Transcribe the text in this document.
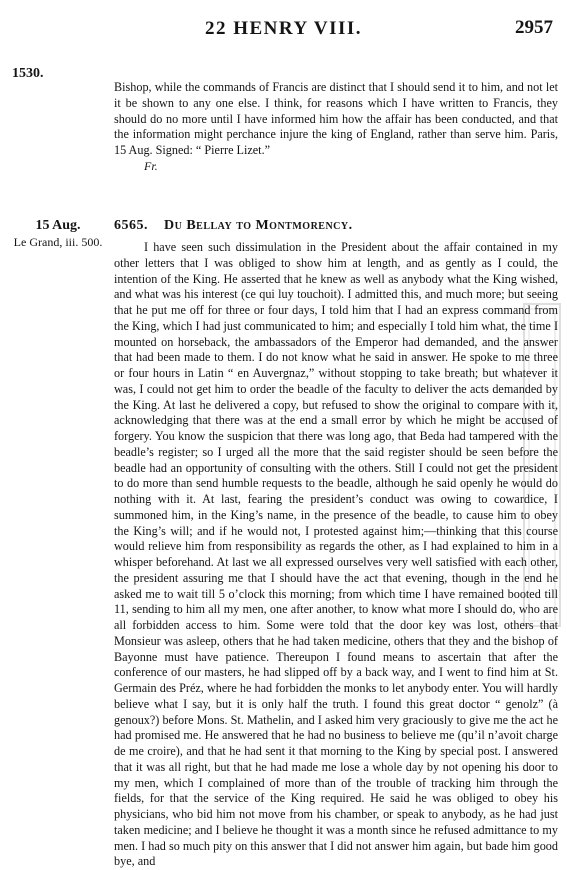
22 HENRY VIII.	2957
1530.

Bishop, while the commands of Francis are distinct that I should send it to him, and not let it be shown to any one else. I think, for reasons which I have written to Francis, they should do no more until I have informed him how the affair has been conducted, and that the information might perchance injure the king of England, rather than serve him. Paris, 15 Aug. Signed: “ Pierre Lizet.”

Fr.
15 Aug.
Le Grand, iii. 500.
6565. Du Bellay to Montmorency.

I have seen such dissimulation in the President about the affair contained in my other letters that I was obliged to show him at length, and as gently as I could, the intention of the King. He asserted that he knew as well as anybody what the King wished, and what was his interest (ce qui luy touchoit). I admitted this, and much more; but seeing that he put me off for three or four days, I told him that I had an express command from the King, which I had just communicated to him; and especially I told him what, the time I mounted on horseback, the ambassadors of the Emperor had demanded, and the answer that had been made to them. I do not know what he said in answer. He spoke to me three or four hours in Latin “ en Auvergnaz,” without stopping to take breath; but whatever it was, I could not get him to order the beadle of the faculty to deliver the acts demanded by the King. At last he delivered a copy, but refused to show the original to compare with it, acknowledging that there was at the end a small error by which he might be accused of forgery. You know the suspicion that there was long ago, that Beda had tampered with the beadle’s register; so I urged all the more that the said register should be seen before the beadle had an opportunity of consulting with the others. Still I could not get the president to do more than send humble requests to the beadle, although he said openly he would do nothing with it. At last, fearing the president’s conduct was owing to cowardice, I summoned him, in the King’s name, in the presence of the beadle, to cause him to obey the King’s will; and if he would not, I protested against him;—thinking that this course would relieve him from responsibility as regards the other, as I had explained to him in a whisper beforehand. At last we all expressed ourselves very well satisfied with each other, the president assuring me that I should have the act that evening, though in the end he asked me to wait till 5 o’clock this morning; from which time I have remained booted till 11, sending to him all my men, one after another, to know what more I should do, who are all forbidden access to him. Some were told that the door key was lost, others that Monsieur was asleep, others that he had taken medicine, others that they and the bishop of Bayonne must have patience. Thereupon I found means to ascertain that after the conference of our masters, he had slipped off by a back way, and I went to find him at St. Germain des Préz, where he had forbidden the monks to let anybody enter. You will hardly believe what I say, but it is only half the truth. I found this great doctor “ genolz” (à genoux?) before Mons. St. Mathelin, and I asked him very graciously to give me the act he had promised me. He answered that he had no business to believe me (qu’il n’avoit charge de me croire), and that he had sent it that morning to the King by special post. I answered that it was all right, but that he had made me lose a whole day by not opening his door to my men, which I complained of more than of the trouble of tracking him through the fields, for that the service of the King required. He said he was obliged to obey his physicians, who bid him not move from his chamber, or speak to anybody, as he had just taken medicine; and I believe he thought it was a month since he refused admittance to my men. I had so much pity on this answer that I did not answer him again, but bade him good bye, and
